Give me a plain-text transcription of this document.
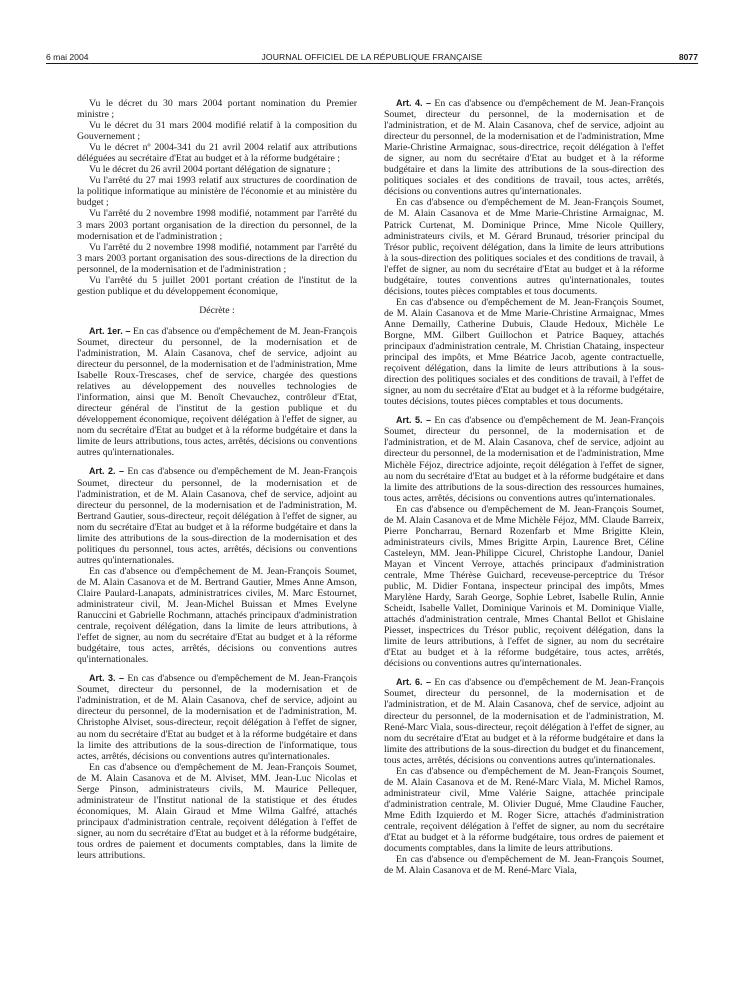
6 mai 2004	JOURNAL OFFICIEL DE LA RÉPUBLIQUE FRANÇAISE	8077

Vu le décret du 30 mars 2004 portant nomination du Premier ministre ;

Vu le décret du 31 mars 2004 modifié relatif à la composition du Gouvernement ;

Vu le décret nº 2004-341 du 21 avril 2004 relatif aux attributions déléguées au secrétaire d'Etat au budget et à la réforme budgétaire ;

Vu le décret du 26 avril 2004 portant délégation de signature ;

Vu l'arrêté du 27 mai 1993 relatif aux structures de coordination de la politique informatique au ministère de l'économie et au ministère du budget ;

Vu l'arrêté du 2 novembre 1998 modifié, notamment par l'arrêté du 3 mars 2003 portant organisation de la direction du personnel, de la modernisation et de l'administration ;

Vu l'arrêté du 2 novembre 1998 modifié, notamment par l'arrêté du 3 mars 2003 portant organisation des sous-directions de la direction du personnel, de la modernisation et de l'administration ;

Vu l'arrêté du 5 juillet 2001 portant création de l'institut de la gestion publique et du développement économique,

Décrète :

Art. 1er. – En cas d'absence ou d'empêchement de M. Jean-François Soumet, directeur du personnel, de la modernisation et de l'administration, M. Alain Casanova, chef de service, adjoint au directeur du personnel, de la modernisation et de l'administration, Mme Isabelle Roux-Trescases, chef de service, chargée des questions relatives au développement des nouvelles technologies de l'information, ainsi que M. Benoît Chevauchez, contrôleur d'Etat, directeur général de l'institut de la gestion publique et du développement économique, reçoivent délégation à l'effet de signer, au nom du secrétaire d'Etat au budget et à la réforme budgétaire et dans la limite de leurs attributions, tous actes, arrêtés, décisions ou conventions autres qu'internationales.

Art. 2. – En cas d'absence ou d'empêchement de M. Jean-François Soumet, directeur du personnel, de la modernisation et de l'administration, et de M. Alain Casanova, chef de service, adjoint au directeur du personnel, de la modernisation et de l'administration, M. Bertrand Gautier, sous-directeur, reçoit délégation à l'effet de signer, au nom du secrétaire d'Etat au budget et à la réforme budgétaire et dans la limite des attributions de la sous-direction de la modernisation et des politiques du personnel, tous actes, arrêtés, décisions ou conventions autres qu'internationales.

En cas d'absence ou d'empêchement de M. Jean-François Soumet, de M. Alain Casanova et de M. Bertrand Gautier, Mmes Anne Amson, Claire Paulard-Lanapats, administratrices civiles, M. Marc Estournet, administrateur civil, M. Jean-Michel Buissan et Mmes Evelyne Ranuccini et Gabrielle Rochmann, attachés principaux d'administration centrale, reçoivent délégation, dans la limite de leurs attributions, à l'effet de signer, au nom du secrétaire d'Etat au budget et à la réforme budgétaire, tous actes, arrêtés, décisions ou conventions autres qu'internationales.

Art. 3. – En cas d'absence ou d'empêchement de M. Jean-François Soumet, directeur du personnel, de la modernisation et de l'administration, et de M. Alain Casanova, chef de service, adjoint au directeur du personnel, de la modernisation et de l'administration, M. Christophe Alviset, sous-directeur, reçoit délégation à l'effet de signer, au nom du secrétaire d'Etat au budget et à la réforme budgétaire et dans la limite des attributions de la sous-direction de l'informatique, tous actes, arrêtés, décisions ou conventions autres qu'internationales.

En cas d'absence ou d'empêchement de M. Jean-François Soumet, de M. Alain Casanova et de M. Alviset, MM. Jean-Luc Nicolas et Serge Pinson, administrateurs civils, M. Maurice Pellequer, administrateur de l'Institut national de la statistique et des études économiques, M. Alain Giraud et Mme Wilma Galfré, attachés principaux d'administration centrale, reçoivent délégation à l'effet de signer, au nom du secrétaire d'Etat au budget et à la réforme budgétaire, tous ordres de paiement et documents comptables, dans la limite de leurs attributions.

Art. 4. – En cas d'absence ou d'empêchement de M. Jean-François Soumet, directeur du personnel, de la modernisation et de l'administration, et de M. Alain Casanova, chef de service, adjoint au directeur du personnel, de la modernisation et de l'administration, Mme Marie-Christine Armaignac, sous-directrice, reçoit délégation à l'effet de signer, au nom du secrétaire d'Etat au budget et à la réforme budgétaire et dans la limite des attributions de la sous-direction des politiques sociales et des conditions de travail, tous actes, arrêtés, décisions ou conventions autres qu'internationales.

En cas d'absence ou d'empêchement de M. Jean-François Soumet, de M. Alain Casanova et de Mme Marie-Christine Armaignac, M. Patrick Curtenat, M. Dominique Prince, Mme Nicole Quillery, administrateurs civils, et M. Gérard Brunaud, trésorier principal du Trésor public, reçoivent délégation, dans la limite de leurs attributions à la sous-direction des politiques sociales et des conditions de travail, à l'effet de signer, au nom du secrétaire d'Etat au budget et à la réforme budgétaire, toutes conventions autres qu'internationales, toutes décisions, toutes pièces comptables et tous documents.

En cas d'absence ou d'empêchement de M. Jean-François Soumet, de M. Alain Casanova et de Mme Marie-Christine Armaignac, Mmes Anne Demailly, Catherine Dubuis, Claude Hedoux, Michèle Le Borgne, MM. Gilbert Guillochon et Patrice Baquey, attachés principaux d'administration centrale, M. Christian Chataing, inspecteur principal des impôts, et Mme Béatrice Jacob, agente contractuelle, reçoivent délégation, dans la limite de leurs attributions à la sous-direction des politiques sociales et des conditions de travail, à l'effet de signer, au nom du secrétaire d'Etat au budget et à la réforme budgétaire, toutes décisions, toutes pièces comptables et tous documents.

Art. 5. – En cas d'absence ou d'empêchement de M. Jean-François Soumet, directeur du personnel, de la modernisation et de l'administration, et de M. Alain Casanova, chef de service, adjoint au directeur du personnel, de la modernisation et de l'administration, Mme Michèle Féjoz, directrice adjointe, reçoit délégation à l'effet de signer, au nom du secrétaire d'Etat au budget et à la réforme budgétaire et dans la limite des attributions de la sous-direction des ressources humaines, tous actes, arrêtés, décisions ou conventions autres qu'internationales.

En cas d'absence ou d'empêchement de M. Jean-François Soumet, de M. Alain Casanova et de Mme Michèle Féjoz, MM. Claude Barreix, Pierre Poncharrau, Bernard Rozenfarb et Mme Brigitte Klein, administrateurs civils, Mmes Brigitte Arpin, Laurence Bret, Céline Casteleyn, MM. Jean-Philippe Cicurel, Christophe Landour, Daniel Mayan et Vincent Verroye, attachés principaux d'administration centrale, Mme Thérèse Guichard, receveuse-perceptrice du Trésor public, M. Didier Fontana, inspecteur principal des impôts, Mmes Marylène Hardy, Sarah George, Sophie Lebret, Isabelle Rulin, Annie Scheidt, Isabelle Vallet, Dominique Varinois et M. Dominique Vialle, attachés d'administration centrale, Mmes Chantal Bellot et Ghislaine Piesset, inspectrices du Trésor public, reçoivent délégation, dans la limite de leurs attributions, à l'effet de signer, au nom du secrétaire d'Etat au budget et à la réforme budgétaire, tous actes, arrêtés, décisions ou conventions autres qu'internationales.

Art. 6. – En cas d'absence ou d'empêchement de M. Jean-François Soumet, directeur du personnel, de la modernisation et de l'administration, et de M. Alain Casanova, chef de service, adjoint au directeur du personnel, de la modernisation et de l'administration, M. René-Marc Viala, sous-directeur, reçoit délégation à l'effet de signer, au nom du secrétaire d'Etat au budget et à la réforme budgétaire et dans la limite des attributions de la sous-direction du budget et du financement, tous actes, arrêtés, décisions ou conventions autres qu'internationales.

En cas d'absence ou d'empêchement de M. Jean-François Soumet, de M. Alain Casanova et de M. René-Marc Viala, M. Michel Ramos, administrateur civil, Mme Valérie Saigne, attachée principale d'administration centrale, M. Olivier Dugué, Mme Claudine Faucher, Mme Edith Izquierdo et M. Roger Sicre, attachés d'administration centrale, reçoivent délégation à l'effet de signer, au nom du secrétaire d'Etat au budget et à la réforme budgétaire, tous ordres de paiement et documents comptables, dans la limite de leurs attributions.

En cas d'absence ou d'empêchement de M. Jean-François Soumet, de M. Alain Casanova et de M. René-Marc Viala,
